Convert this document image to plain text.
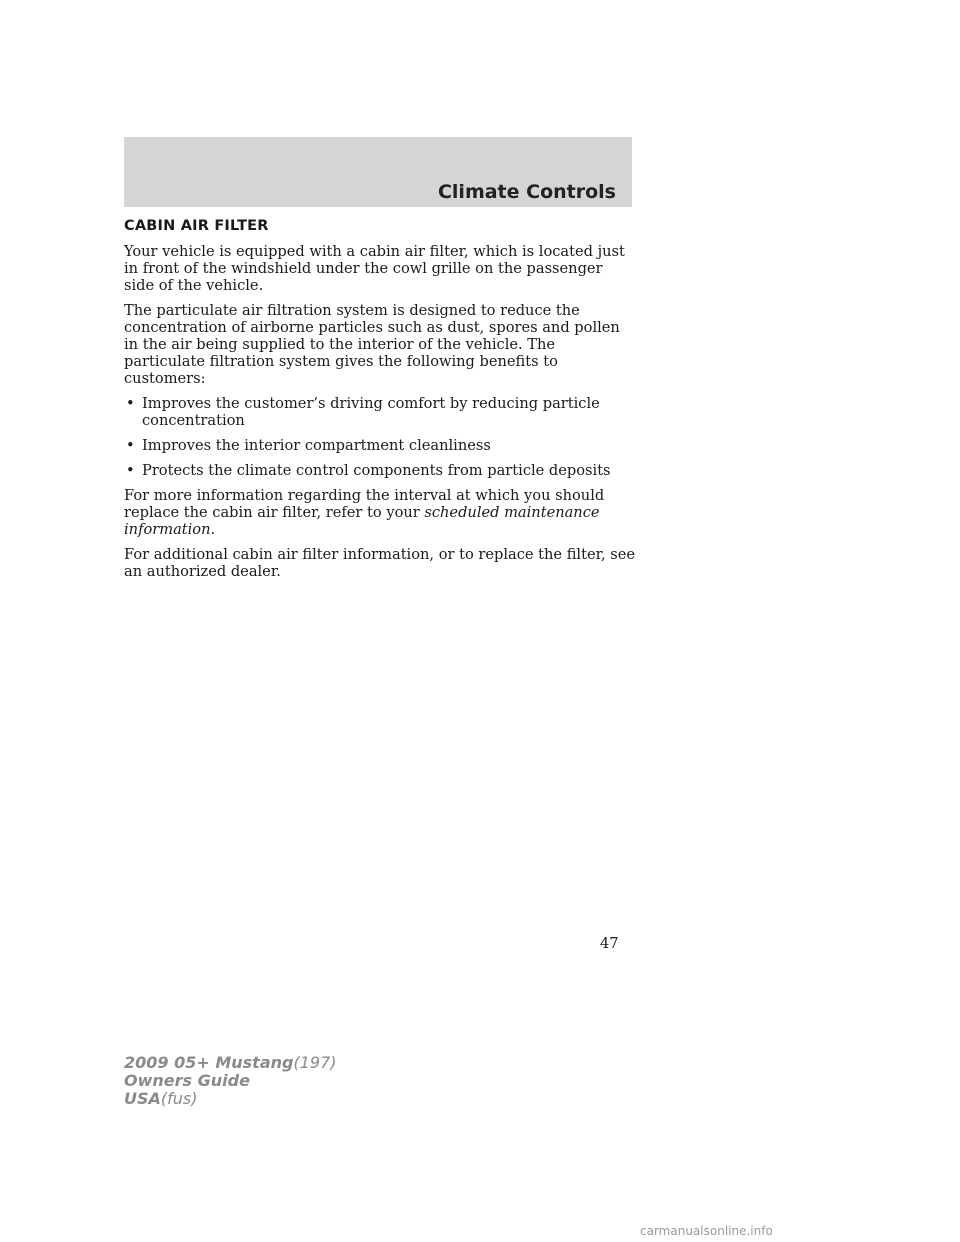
Climate Controls
CABIN AIR FILTER

Your vehicle is equipped with a cabin air filter, which is located just in front of the windshield under the cowl grille on the passenger side of the vehicle.

The particulate air filtration system is designed to reduce the concentration of airborne particles such as dust, spores and pollen in the air being supplied to the interior of the vehicle. The particulate filtration system gives the following benefits to customers:

• Improves the customer’s driving comfort by reducing particle concentration
• Improves the interior compartment cleanliness
• Protects the climate control components from particle deposits

For more information regarding the interval at which you should replace the cabin air filter, refer to your scheduled maintenance information.

For additional cabin air filter information, or to replace the filter, see an authorized dealer.

47
2009 05+ Mustang(197)
Owners Guide
USA(fus)
carmanualsonline.info
